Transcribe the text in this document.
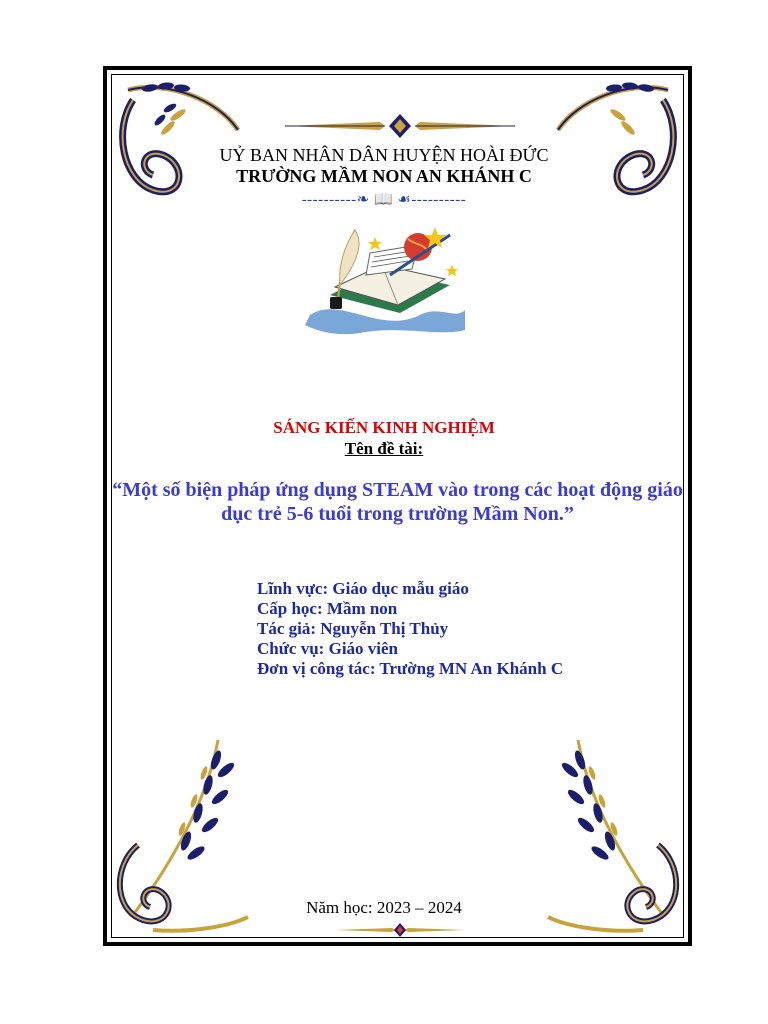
UỶ BAN NHÂN DÂN HUYỆN HOÀI ĐỨC
TRƯỜNG MẦM NON AN KHÁNH C
----------❧ 📖 ☙----------
SÁNG KIẾN KINH NGHIỆM
Tên đề tài:
“Một số biện pháp ứng dụng STEAM vào trong các hoạt động giáo dục trẻ 5-6 tuổi trong trường Mầm Non.”
Lĩnh vực: Giáo dục mẫu giáo
Cấp học: Mầm non
Tác giả: Nguyễn Thị Thủy
Chức vụ: Giáo viên
Đơn vị công tác: Trường MN An Khánh C
Năm học: 2023 – 2024
